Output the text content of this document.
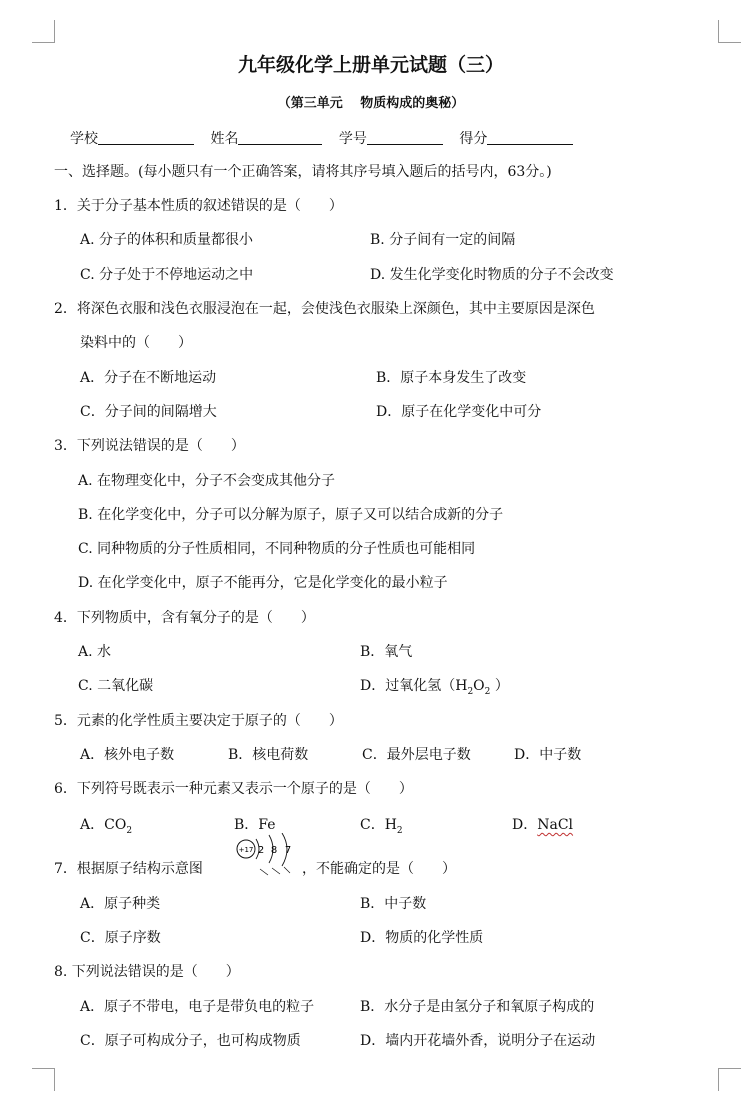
九年级化学上册单元试题（三）
（第三单元　 物质构成的奥秘）
学校	姓名	学号	得分
一、选择题。(每小题只有一个正确答案，请将其序号填入题后的括号内，63分。)
1．关于分子基本性质的叙述错误的是（　　）
A. 分子的体积和质量都很小	B. 分子间有一定的间隔
C. 分子处于不停地运动之中	D. 发生化学变化时物质的分子不会改变
2．将深色衣服和浅色衣服浸泡在一起，会使浅色衣服染上深颜色，其中主要原因是深色
染料中的（　　）
A．分子在不断地运动	B．原子本身发生了改变
C．分子间的间隔增大	D．原子在化学变化中可分
3．下列说法错误的是（　　）
A. 在物理变化中，分子不会变成其他分子
B. 在化学变化中，分子可以分解为原子，原子又可以结合成新的分子
C. 同种物质的分子性质相同，不同种物质的分子性质也可能相同
D. 在化学变化中，原子不能再分，它是化学变化的最小粒子
4．下列物质中，含有氧分子的是（　　）
A. 水	B．氧气
C. 二氧化碳	D．过氧化氢（$H_2O_2$ ）
5．元素的化学性质主要决定于原子的（　　）
A．核外电子数	B．核电荷数	C．最外层电子数	D．中子数
6．下列符号既表示一种元素又表示一个原子的是（　　）
A．$CO_2$	B．Fe	C．$H_2$	D．NaCl
7．根据原子结构示意图
+17 2 8 7
，不能确定的是（　　）
A．原子种类	B．中子数
C．原子序数	D．物质的化学性质
8. 下列说法错误的是（　　）
A．原子不带电，电子是带负电的粒子	B．水分子是由氢分子和氧原子构成的
C．原子可构成分子，也可构成物质	D．墙内开花墙外香，说明分子在运动
